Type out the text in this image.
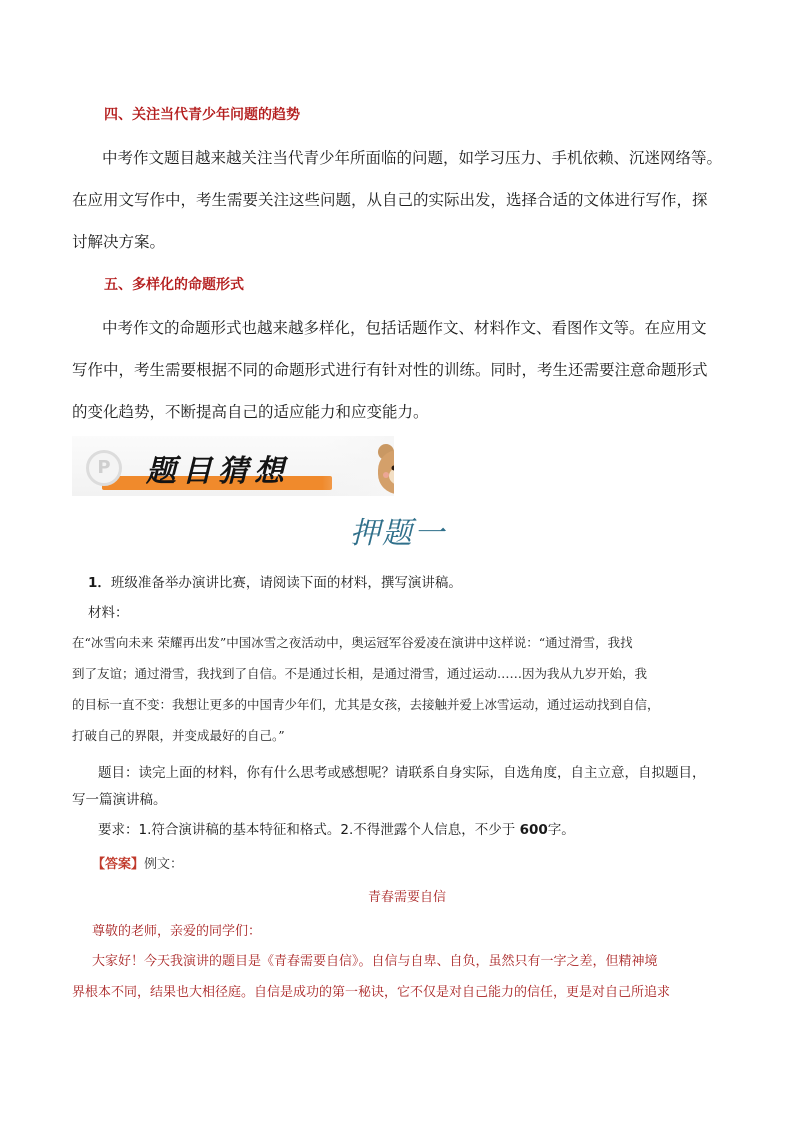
四、关注当代青少年问题的趋势
中考作文题目越来越关注当代青少年所面临的问题，如学习压力、手机依赖、沉迷网络等。
在应用文写作中，考生需要关注这些问题，从自己的实际出发，选择合适的文体进行写作，探
讨解决方案。
五、多样化的命题形式
中考作文的命题形式也越来越多样化，包括话题作文、材料作文、看图作文等。在应用文
写作中，考生需要根据不同的命题形式进行有针对性的训练。同时，考生还需要注意命题形式
的变化趋势，不断提高自己的适应能力和应变能力。
P 题目猜想
押题一
1．班级准备举办演讲比赛，请阅读下面的材料，撰写演讲稿。
材料：
在“冰雪向未来 荣耀再出发”中国冰雪之夜活动中，奥运冠军谷爱凌在演讲中这样说：“通过滑雪，我找
到了友谊；通过滑雪，我找到了自信。不是通过长相，是通过滑雪，通过运动……因为我从九岁开始，我
的目标一直不变：我想让更多的中国青少年们，尤其是女孩，去接触并爱上冰雪运动，通过运动找到自信，
打破自己的界限，并变成最好的自己。”
题目：读完上面的材料，你有什么思考或感想呢？请联系自身实际，自选角度，自主立意，自拟题目，
写一篇演讲稿。
要求：1.符合演讲稿的基本特征和格式。2.不得泄露个人信息，不少于 600字。
【答案】例文：
青春需要自信
尊敬的老师，亲爱的同学们：
大家好！今天我演讲的题目是《青春需要自信》。自信与自卑、自负，虽然只有一字之差，但精神境
界根本不同，结果也大相径庭。自信是成功的第一秘诀，它不仅是对自己能力的信任，更是对自己所追求
